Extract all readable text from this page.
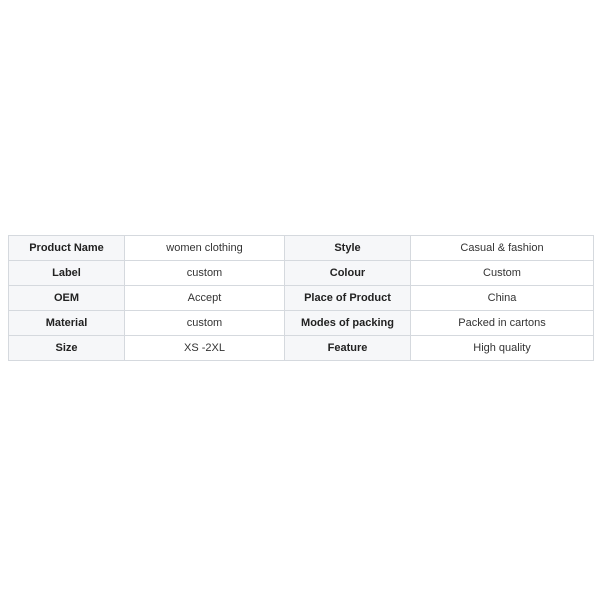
Product Name	women clothing	Style	Casual & fashion
Label	custom	Colour	Custom
OEM	Accept	Place of Product	China
Material	custom	Modes of packing	Packed in cartons
Size	XS -2XL	Feature	High quality
